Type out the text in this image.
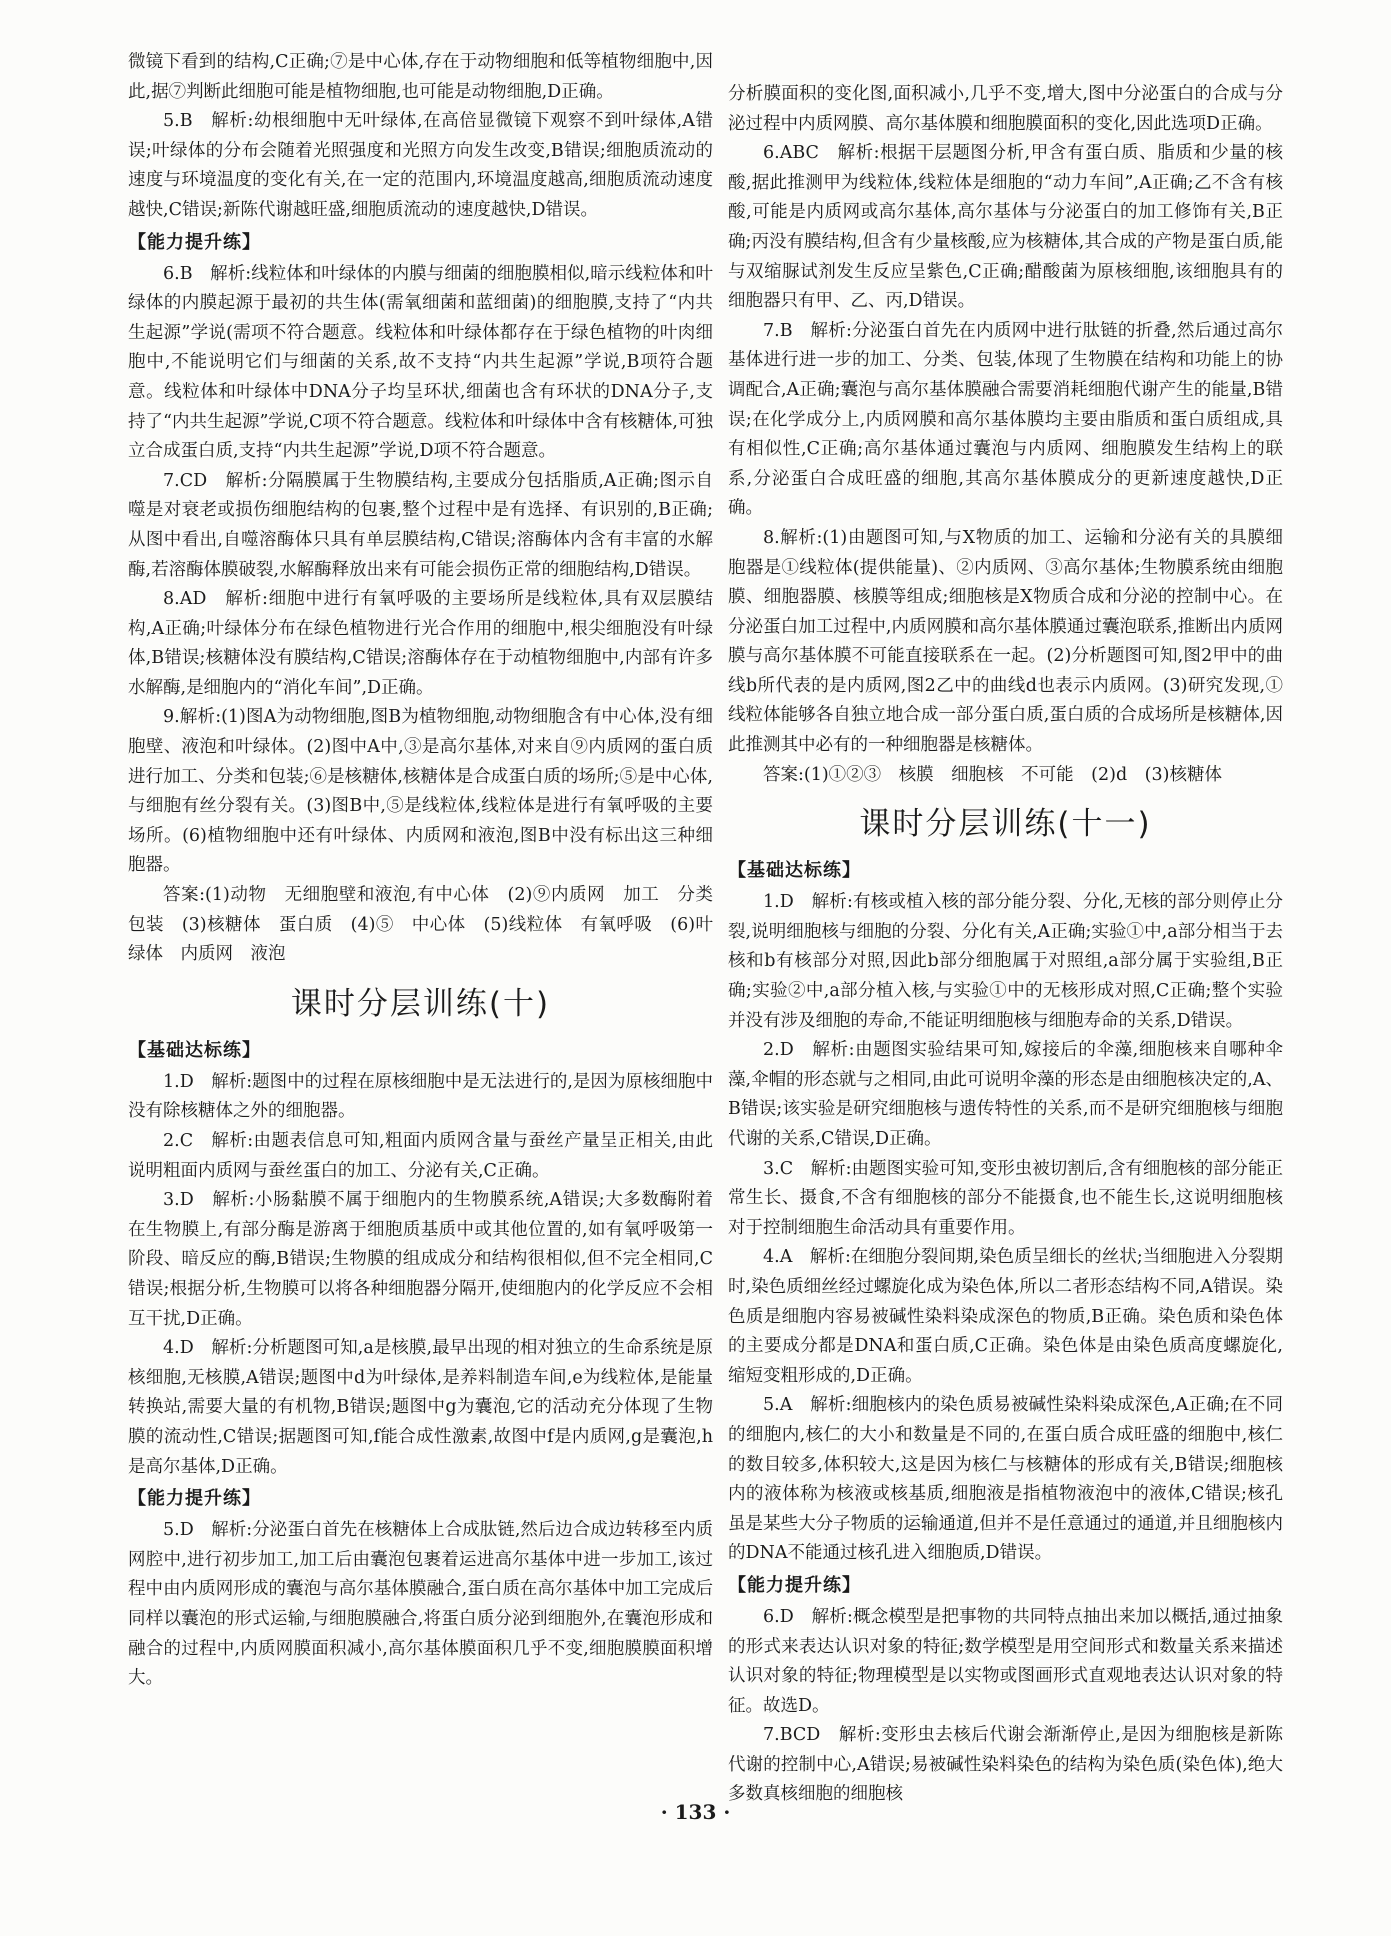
微镜下看到的结构,C正确;⑦是中心体,存在于动物细胞和低等植物细胞中,因此,据⑦判断此细胞可能是植物细胞,也可能是动物细胞,D正确。

5.B　解析:幼根细胞中无叶绿体,在高倍显微镜下观察不到叶绿体,A错误;叶绿体的分布会随着光照强度和光照方向发生改变,B错误;细胞质流动的速度与环境温度的变化有关,在一定的范围内,环境温度越高,细胞质流动速度越快,C错误;新陈代谢越旺盛,细胞质流动的速度越快,D错误。

【能力提升练】

6.B　解析:线粒体和叶绿体的内膜与细菌的细胞膜相似,暗示线粒体和叶绿体的内膜起源于最初的共生体(需氧细菌和蓝细菌)的细胞膜,支持了“内共生起源”学说(需项不符合题意。线粒体和叶绿体都存在于绿色植物的叶肉细胞中,不能说明它们与细菌的关系,故不支持“内共生起源”学说,B项符合题意。线粒体和叶绿体中DNA分子均呈环状,细菌也含有环状的DNA分子,支持了“内共生起源”学说,C项不符合题意。线粒体和叶绿体中含有核糖体,可独立合成蛋白质,支持“内共生起源”学说,D项不符合题意。

7.CD　解析:分隔膜属于生物膜结构,主要成分包括脂质,A正确;图示自噬是对衰老或损伤细胞结构的包裹,整个过程中是有选择、有识别的,B正确;从图中看出,自噬溶酶体只具有单层膜结构,C错误;溶酶体内含有丰富的水解酶,若溶酶体膜破裂,水解酶释放出来有可能会损伤正常的细胞结构,D错误。

8.AD　解析:细胞中进行有氧呼吸的主要场所是线粒体,具有双层膜结构,A正确;叶绿体分布在绿色植物进行光合作用的细胞中,根尖细胞没有叶绿体,B错误;核糖体没有膜结构,C错误;溶酶体存在于动植物细胞中,内部有许多水解酶,是细胞内的“消化车间”,D正确。

9.解析:(1)图A为动物细胞,图B为植物细胞,动物细胞含有中心体,没有细胞壁、液泡和叶绿体。(2)图中A中,③是高尔基体,对来自⑨内质网的蛋白质进行加工、分类和包装;⑥是核糖体,核糖体是合成蛋白质的场所;⑤是中心体,与细胞有丝分裂有关。(3)图B中,⑤是线粒体,线粒体是进行有氧呼吸的主要场所。(6)植物细胞中还有叶绿体、内质网和液泡,图B中没有标出这三种细胞器。

答案:(1)动物　无细胞壁和液泡,有中心体　(2)⑨内质网　加工　分类　包装　(3)核糖体　蛋白质　(4)⑤　中心体　(5)线粒体　有氧呼吸　(6)叶绿体　内质网　液泡

课时分层训练(十)
【基础达标练】

1.D　解析:题图中的过程在原核细胞中是无法进行的,是因为原核细胞中没有除核糖体之外的细胞器。

2.C　解析:由题表信息可知,粗面内质网含量与蚕丝产量呈正相关,由此说明粗面内质网与蚕丝蛋白的加工、分泌有关,C正确。

3.D　解析:小肠黏膜不属于细胞内的生物膜系统,A错误;大多数酶附着在生物膜上,有部分酶是游离于细胞质基质中或其他位置的,如有氧呼吸第一阶段、暗反应的酶,B错误;生物膜的组成成分和结构很相似,但不完全相同,C错误;根据分析,生物膜可以将各种细胞器分隔开,使细胞内的化学反应不会相互干扰,D正确。

4.D　解析:分析题图可知,a是核膜,最早出现的相对独立的生命系统是原核细胞,无核膜,A错误;题图中d为叶绿体,是养料制造车间,e为线粒体,是能量转换站,需要大量的有机物,B错误;题图中g为囊泡,它的活动充分体现了生物膜的流动性,C错误;据题图可知,f能合成性激素,故图中f是内质网,g是囊泡,h是高尔基体,D正确。

【能力提升练】

5.D　解析:分泌蛋白首先在核糖体上合成肽链,然后边合成边转移至内质网腔中,进行初步加工,加工后由囊泡包裹着运进高尔基体中进一步加工,该过程中由内质网形成的囊泡与高尔基体膜融合,蛋白质在高尔基体中加工完成后同样以囊泡的形式运输,与细胞膜融合,将蛋白质分泌到细胞外,在囊泡形成和融合的过程中,内质网膜面积减小,高尔基体膜面积几乎不变,细胞膜膜面积增大。

分析膜面积的变化图,面积减小,几乎不变,增大,图中分泌蛋白的合成与分泌过程中内质网膜、高尔基体膜和细胞膜面积的变化,因此选项D正确。

6.ABC　解析:根据干层题图分析,甲含有蛋白质、脂质和少量的核酸,据此推测甲为线粒体,线粒体是细胞的“动力车间”,A正确;乙不含有核酸,可能是内质网或高尔基体,高尔基体与分泌蛋白的加工修饰有关,B正确;丙没有膜结构,但含有少量核酸,应为核糖体,其合成的产物是蛋白质,能与双缩脲试剂发生反应呈紫色,C正确;醋酸菌为原核细胞,该细胞具有的细胞器只有甲、乙、丙,D错误。

7.B　解析:分泌蛋白首先在内质网中进行肽链的折叠,然后通过高尔基体进行进一步的加工、分类、包装,体现了生物膜在结构和功能上的协调配合,A正确;囊泡与高尔基体膜融合需要消耗细胞代谢产生的能量,B错误;在化学成分上,内质网膜和高尔基体膜均主要由脂质和蛋白质组成,具有相似性,C正确;高尔基体通过囊泡与内质网、细胞膜发生结构上的联系,分泌蛋白合成旺盛的细胞,其高尔基体膜成分的更新速度越快,D正确。

8.解析:(1)由题图可知,与X物质的加工、运输和分泌有关的具膜细胞器是①线粒体(提供能量)、②内质网、③高尔基体;生物膜系统由细胞膜、细胞器膜、核膜等组成;细胞核是X物质合成和分泌的控制中心。在分泌蛋白加工过程中,内质网膜和高尔基体膜通过囊泡联系,推断出内质网膜与高尔基体膜不可能直接联系在一起。(2)分析题图可知,图2甲中的曲线b所代表的是内质网,图2乙中的曲线d也表示内质网。(3)研究发现,①线粒体能够各自独立地合成一部分蛋白质,蛋白质的合成场所是核糖体,因此推测其中必有的一种细胞器是核糖体。

答案:(1)①②③　核膜　细胞核　不可能　(2)d　(3)核糖体

课时分层训练(十一)
【基础达标练】

1.D　解析:有核或植入核的部分能分裂、分化,无核的部分则停止分裂,说明细胞核与细胞的分裂、分化有关,A正确;实验①中,a部分相当于去核和b有核部分对照,因此b部分细胞属于对照组,a部分属于实验组,B正确;实验②中,a部分植入核,与实验①中的无核形成对照,C正确;整个实验并没有涉及细胞的寿命,不能证明细胞核与细胞寿命的关系,D错误。

2.D　解析:由题图实验结果可知,嫁接后的伞藻,细胞核来自哪种伞藻,伞帽的形态就与之相同,由此可说明伞藻的形态是由细胞核决定的,A、B错误;该实验是研究细胞核与遗传特性的关系,而不是研究细胞核与细胞代谢的关系,C错误,D正确。

3.C　解析:由题图实验可知,变形虫被切割后,含有细胞核的部分能正常生长、摄食,不含有细胞核的部分不能摄食,也不能生长,这说明细胞核对于控制细胞生命活动具有重要作用。

4.A　解析:在细胞分裂间期,染色质呈细长的丝状;当细胞进入分裂期时,染色质细丝经过螺旋化成为染色体,所以二者形态结构不同,A错误。染色质是细胞内容易被碱性染料染成深色的物质,B正确。染色质和染色体的主要成分都是DNA和蛋白质,C正确。染色体是由染色质高度螺旋化,缩短变粗形成的,D正确。

5.A　解析:细胞核内的染色质易被碱性染料染成深色,A正确;在不同的细胞内,核仁的大小和数量是不同的,在蛋白质合成旺盛的细胞中,核仁的数目较多,体积较大,这是因为核仁与核糖体的形成有关,B错误;细胞核内的液体称为核液或核基质,细胞液是指植物液泡中的液体,C错误;核孔虽是某些大分子物质的运输通道,但并不是任意通过的通道,并且细胞核内的DNA不能通过核孔进入细胞质,D错误。

【能力提升练】

6.D　解析:概念模型是把事物的共同特点抽出来加以概括,通过抽象的形式来表达认识对象的特征;数学模型是用空间形式和数量关系来描述认识对象的特征;物理模型是以实物或图画形式直观地表达认识对象的特征。故选D。

7.BCD　解析:变形虫去核后代谢会渐渐停止,是因为细胞核是新陈代谢的控制中心,A错误;易被碱性染料染色的结构为染色质(染色体),绝大多数真核细胞的细胞核

· 133 ·
